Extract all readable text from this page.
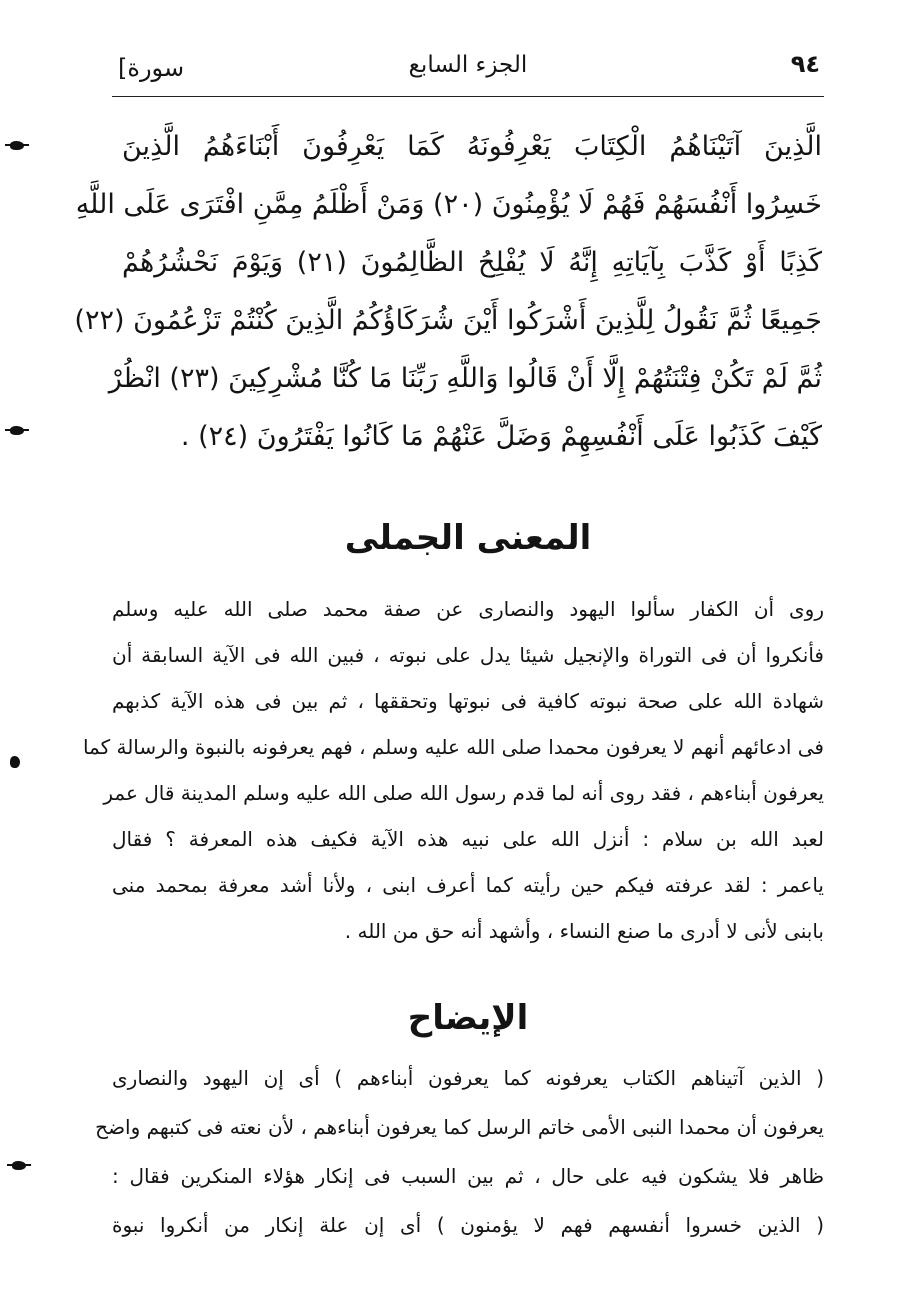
[سورة	الجزء السابع	٩٤
الَّذِينَ آتَيْنَاهُمُ الْكِتَابَ يَعْرِفُونَهُ كَمَا يَعْرِفُونَ أَبْنَاءَهُمُ الَّذِينَ
خَسِرُوا أَنْفُسَهُمْ فَهُمْ لَا يُؤْمِنُونَ (٢٠) وَمَنْ أَظْلَمُ مِمَّنِ افْتَرَى عَلَى اللَّهِ
كَذِبًا أَوْ كَذَّبَ بِآيَاتِهِ إِنَّهُ لَا يُفْلِحُ الظَّالِمُونَ (٢١) وَيَوْمَ نَحْشُرُهُمْ
جَمِيعًا ثُمَّ نَقُولُ لِلَّذِينَ أَشْرَكُوا أَيْنَ شُرَكَاؤُكُمُ الَّذِينَ كُنْتُمْ تَزْعُمُونَ (٢٢)
ثُمَّ لَمْ تَكُنْ فِتْنَتُهُمْ إِلَّا أَنْ قَالُوا وَاللَّهِ رَبِّنَا مَا كُنَّا مُشْرِكِينَ (٢٣) انْظُرْ
كَيْفَ كَذَبُوا عَلَى أَنْفُسِهِمْ وَضَلَّ عَنْهُمْ مَا كَانُوا يَفْتَرُونَ (٢٤) .
المعنى الجملى
روى أن الكفار سألوا اليهود والنصارى عن صفة محمد صلى الله عليه وسلم
فأنكروا أن فى التوراة والإنجيل شيئا يدل على نبوته ، فبين الله فى الآية السابقة أن
شهادة الله على صحة نبوته كافية فى نبوتها وتحققها ، ثم بين فى هذه الآية كذبهم
فى ادعائهم أنهم لا يعرفون محمدا صلى الله عليه وسلم ، فهم يعرفونه بالنبوة والرسالة كما
يعرفون أبناءهم ، فقد روى أنه لما قدم رسول الله صلى الله عليه وسلم المدينة قال عمر
لعبد الله بن سلام : أنزل الله على نبيه هذه الآية فكيف هذه المعرفة ؟ فقال
ياعمر : لقد عرفته فيكم حين رأيته كما أعرف ابنى ، ولأنا أشد معرفة بمحمد منى
بابنى لأنى لا أدرى ما صنع النساء ، وأشهد أنه حق من الله .
الإيضاح
( الذين آتيناهم الكتاب يعرفونه كما يعرفون أبناءهم ) أى إن اليهود والنصارى
يعرفون أن محمدا النبى الأمى خاتم الرسل كما يعرفون أبناءهم ، لأن نعته فى كتبهم واضح
ظاهر فلا يشكون فيه على حال ، ثم بين السبب فى إنكار هؤلاء المنكرين فقال :
( الذين خسروا أنفسهم فهم لا يؤمنون ) أى إن علة إنكار من أنكروا نبوة
